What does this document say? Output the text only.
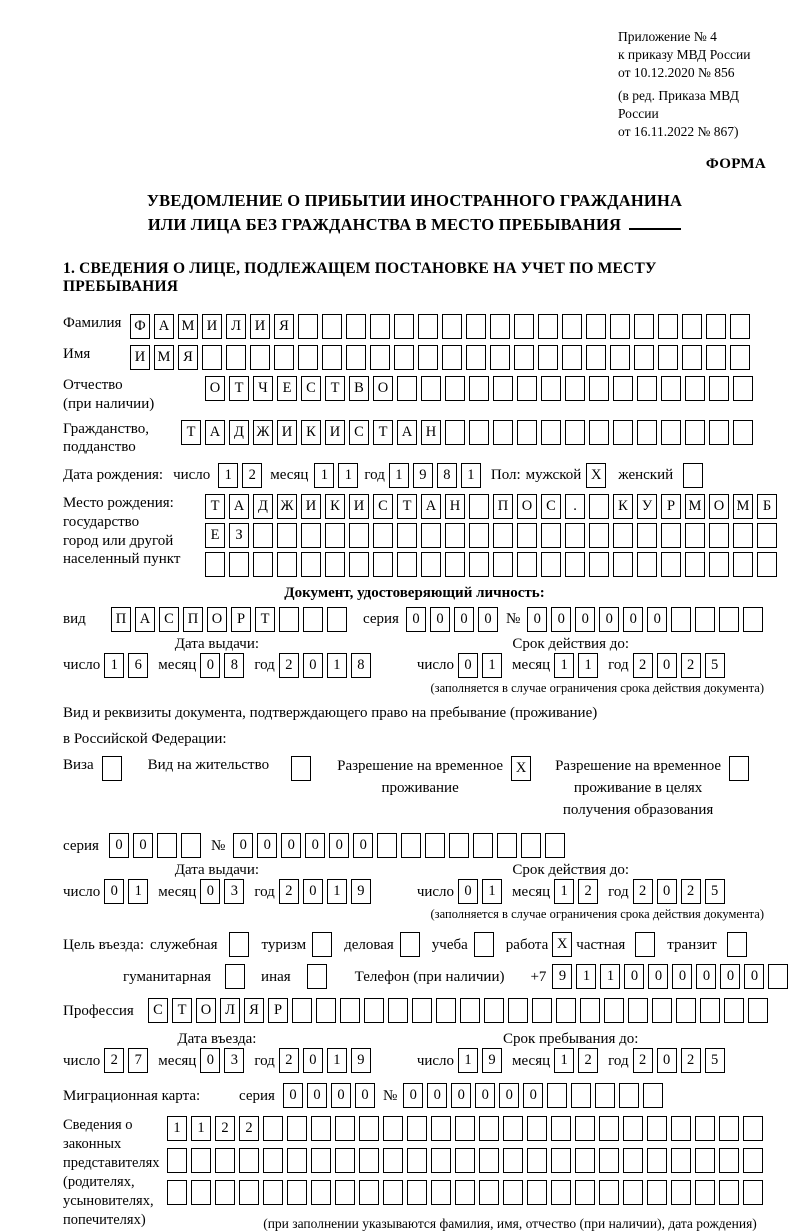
Приложение № 4
к приказу МВД России
от 10.12.2020 № 856
(в ред. Приказа МВД России
от 16.11.2022 № 867)
ФОРМА
УВЕДОМЛЕНИЕ О ПРИБЫТИИ ИНОСТРАННОГО ГРАЖДАНИНА
ИЛИ ЛИЦА БЕЗ ГРАЖДАНСТВА В МЕСТО ПРЕБЫВАНИЯ
1. СВЕДЕНИЯ О ЛИЦЕ, ПОДЛЕЖАЩЕМ ПОСТАНОВКЕ НА УЧЕТ ПО МЕСТУ ПРЕБЫВАНИЯ
Фамилия Ф А М И Л И Я
Имя	И М Я
Отчество
(при наличии)
О Т	Ч	Е	С	Т	В О
Гражданство,
подданство
Т А Д Ж И К И С	Т А Н
Дата рождения: число 1	2 месяц 1	1 год 1	9	8	1	Пол: мужской X	женский
Место рождения:
государство
город или другой
населенный пункт
Т А Д Ж И К И С	Т А Н	П О С	.	К У	Р М О М Б
Е	З
Документ, удостоверяющий личность:
вид	П А С П О	Р	Т	серия 0	0	0	0 № 0	0	0	0	0	0
Дата выдачи:
число 1	6	месяц 0	8	год 2	0	1	8
Срок действия до:
число 0	1	месяц 1	1	год 2	0	2	5
(заполняется в случае ограничения срока действия документа)
Вид и реквизиты документа, подтверждающего право на пребывание (проживание)
в Российской Федерации:
Виза	Вид на жительство	Разрешение на временное
проживание
X	Разрешение на временное
проживание в целях
получения образования
серия	0	0	№ 0	0	0	0	0	0
Дата выдачи:
число 0	1	месяц 0	3	год 2	0	1	9
Срок действия до:
число 0	1	месяц 1	2	год 2	0	2	5
(заполняется в случае ограничения срока действия документа)
Цель въезда: служебная	туризм	деловая	учеба	работа X частная	транзит
гуманитарная	иная	Телефон (при наличии) +7 9	1	1	0	0	0	0	0	0
Профессия	С	Т О Л Я	Р
Дата въезда:
число 2	7	месяц 0	3	год 2	0	1	9
Срок пребывания до:
число 1	9	месяц 1	2	год 2	0	2	5
Миграционная карта:	серия 0	0	0	0 № 0	0	0	0	0	0
Сведения о
законных
представителях
(родителях,
усыновителях,
попечителях)
1	1	2	2
(при заполнении указываются фамилия, имя, отчество (при наличии), дата рождения)
